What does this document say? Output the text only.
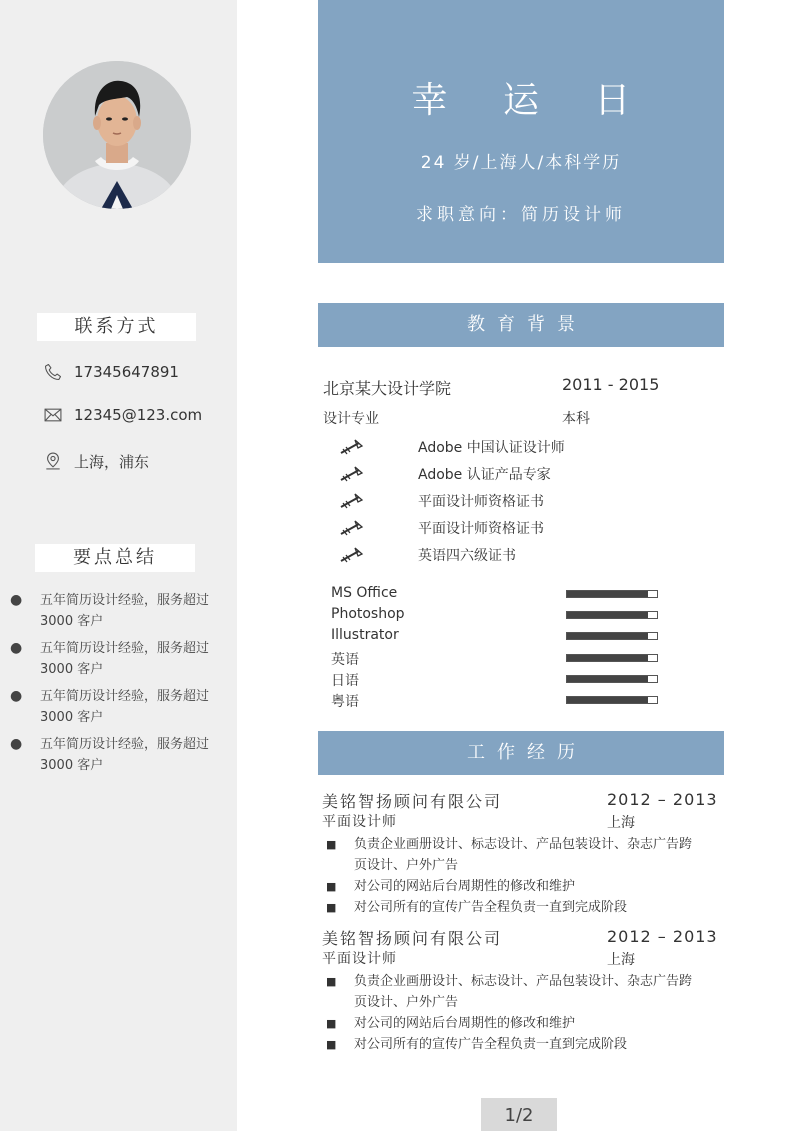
联系方式
17345647891
12345@123.com
上海，浦东
要点总结
●	五年简历设计经验，服务超过 3000 客户
●	五年简历设计经验，服务超过 3000 客户
●	五年简历设计经验，服务超过 3000 客户
●	五年简历设计经验，服务超过 3000 客户
幸 运 日
24 岁/上海人/本科学历
求职意向：简历设计师
教育背景
北京某大设计学院	2011 - 2015
设计专业	本科
Adobe 中国认证设计师
Adobe 认证产品专家
平面设计师资格证书
平面设计师资格证书
英语四六级证书
MS Office
Photoshop
Illustrator
英语
日语
粤语
工作经历
美铭智扬顾问有限公司	2012 – 2013
平面设计师	上海
■	负责企业画册设计、标志设计、产品包装设计、杂志广告跨页设计、户外广告
■	对公司的网站后台周期性的修改和维护
■	对公司所有的宣传广告全程负责一直到完成阶段
美铭智扬顾问有限公司	2012 – 2013
平面设计师	上海
■	负责企业画册设计、标志设计、产品包装设计、杂志广告跨页设计、户外广告
■	对公司的网站后台周期性的修改和维护
■	对公司所有的宣传广告全程负责一直到完成阶段
1/2
